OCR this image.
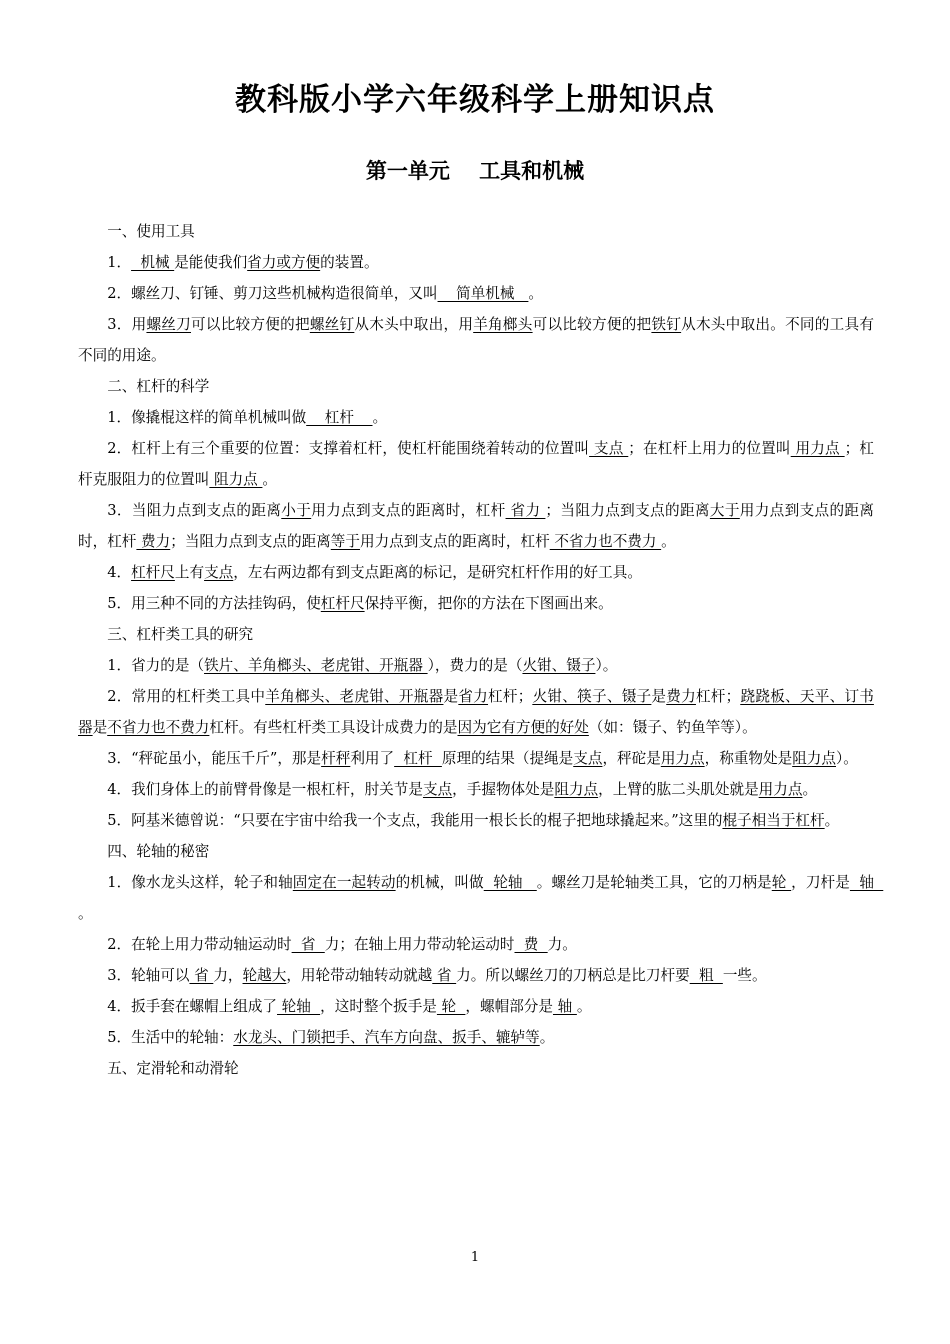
教科版小学六年级科学上册知识点
第一单元    工具和机械

一、使用工具

1．  机械 是能使我们省力或方便的装置。

2．螺丝刀、钉锤、剪刀这些机械构造很简单，又叫    简单机械   。

3．用螺丝刀可以比较方便的把螺丝钉从木头中取出，用羊角榔头可以比较方便的把铁钉从木头中取出。不同的工具有不同的用途。

二、杠杆的科学

1．像撬棍这样的简单机械叫做    杠杆    。

2．杠杆上有三个重要的位置：支撑着杠杆，使杠杆能围绕着转动的位置叫 支点 ；在杠杆上用力的位置叫 用力点 ；杠杆克服阻力的位置叫 阻力点 。

3．当阻力点到支点的距离小于用力点到支点的距离时，杠杆 省力 ；当阻力点到支点的距离大于用力点到支点的距离时，杠杆 费力；当阻力点到支点的距离等于用力点到支点的距离时，杠杆 不省力也不费力 。

4．杠杆尺上有支点，左右两边都有到支点距离的标记，是研究杠杆作用的好工具。

5．用三种不同的方法挂钩码，使杠杆尺保持平衡，把你的方法在下图画出来。

三、杠杆类工具的研究

1．省力的是（铁片、羊角榔头、老虎钳、开瓶器 ），费力的是（火钳、镊子）。

2．常用的杠杆类工具中羊角榔头、老虎钳、开瓶器是省力杠杆；火钳、筷子、镊子是费力杠杆；跷跷板、天平、订书器是不省力也不费力杠杆。有些杠杆类工具设计成费力的是因为它有方便的好处（如：镊子、钓鱼竿等）。

3．“秤砣虽小，能压千斤”，那是杆秤利用了  杠杆  原理的结果（提绳是支点，秤砣是用力点，称重物处是阻力点）。

4．我们身体上的前臂骨像是一根杠杆，肘关节是支点，手握物体处是阻力点，上臂的肱二头肌处就是用力点。

5．阿基米德曾说：“只要在宇宙中给我一个支点，我能用一根长长的棍子把地球撬起来。”这里的棍子相当于杠杆。

四、轮轴的秘密

1．像水龙头这样，轮子和轴固定在一起转动的机械，叫做  轮轴   。螺丝刀是轮轴类工具，它的刀柄是轮 ，刀杆是  轴  。

2．在轮上用力带动轴运动时  省  力；在轴上用力带动轮运动时  费  力。

3．轮轴可以 省 力，轮越大，用轮带动轴转动就越 省 力。所以螺丝刀的刀柄总是比刀杆要  粗  一些。

4．扳手套在螺帽上组成了 轮轴  ，这时整个扳手是 轮  ，螺帽部分是 轴 。

5．生活中的轮轴：水龙头、门锁把手、汽车方向盘、扳手、辘轳等。

五、定滑轮和动滑轮

1
